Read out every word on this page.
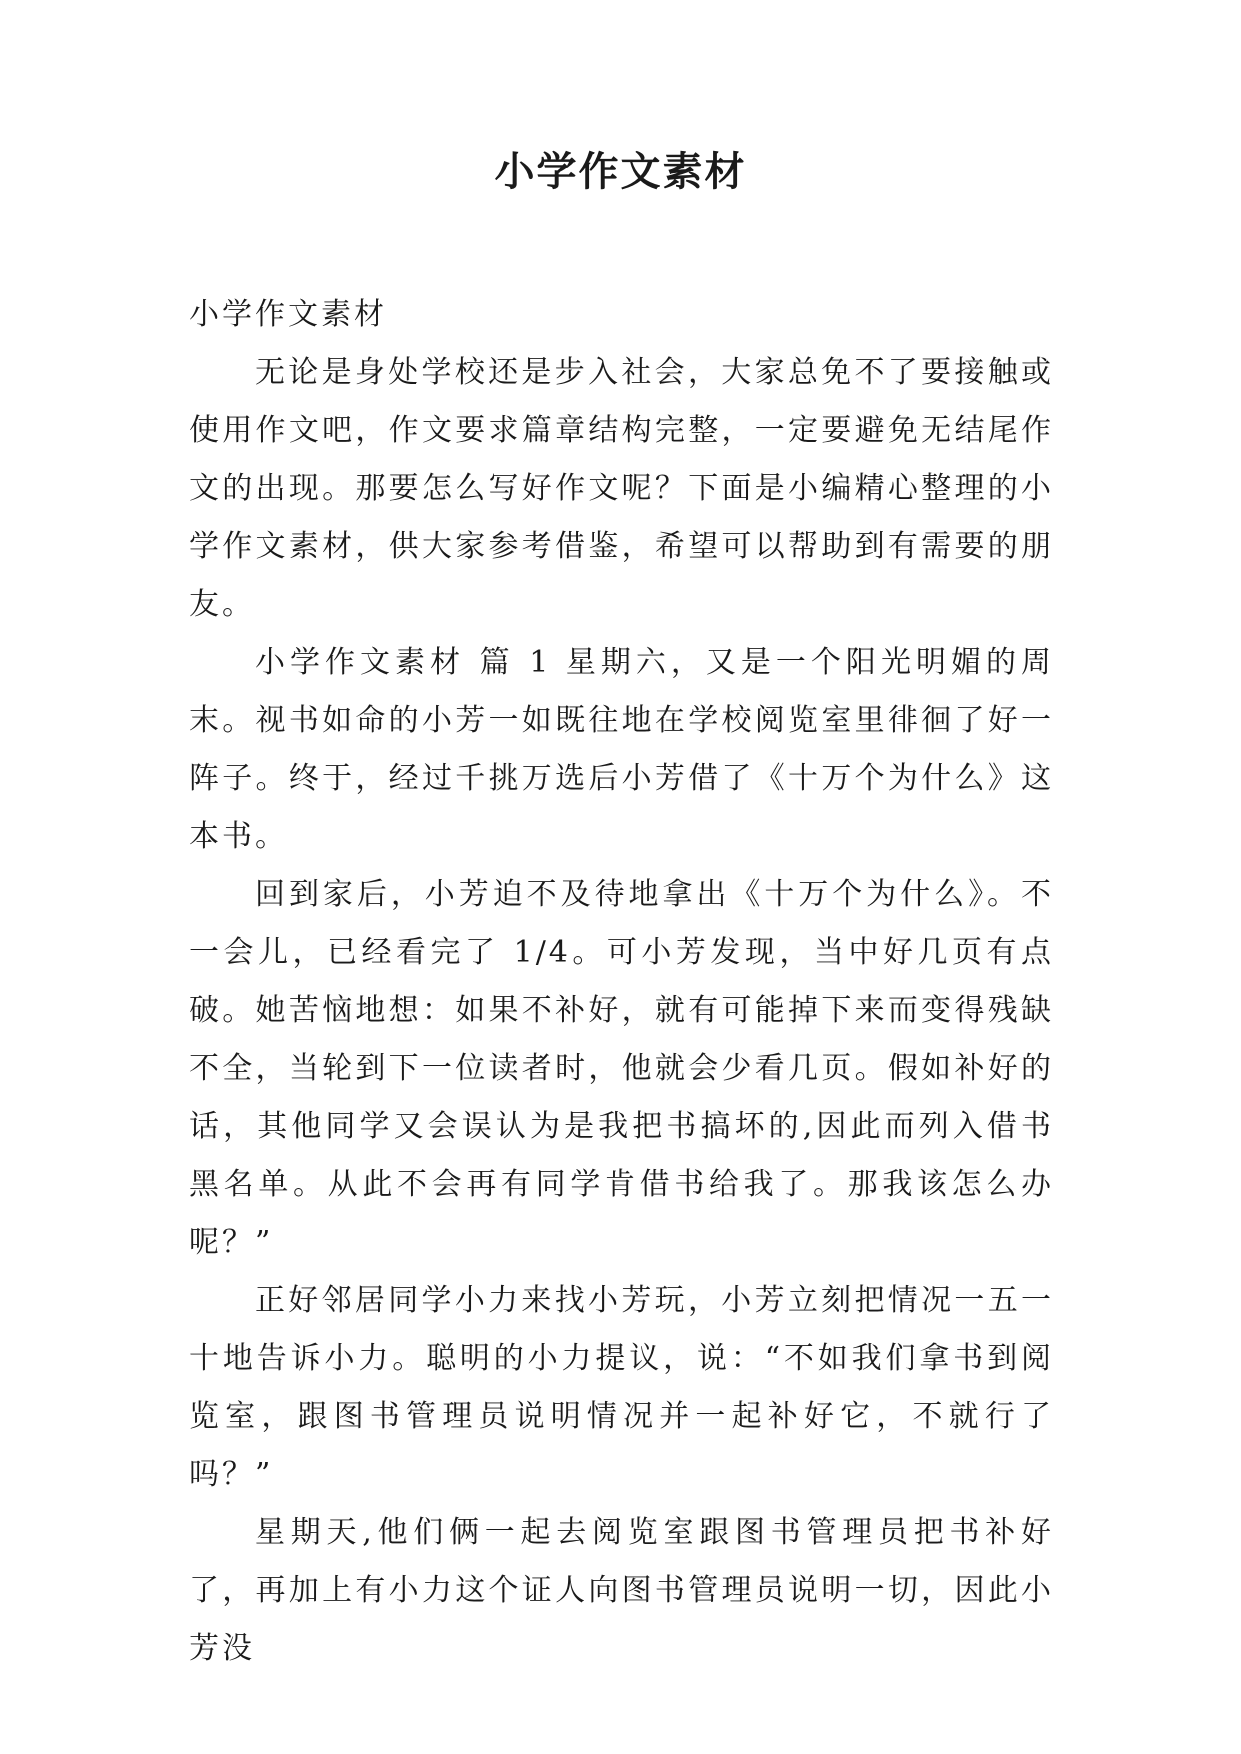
小学作文素材

小学作文素材

无论是身处学校还是步入社会，大家总免不了要接触或使用作文吧，作文要求篇章结构完整，一定要避免无结尾作文的出现。那要怎么写好作文呢？下面是小编精心整理的小学作文素材，供大家参考借鉴，希望可以帮助到有需要的朋友。

小学作文素材 篇 1 星期六，又是一个阳光明媚的周末。视书如命的小芳一如既往地在学校阅览室里徘徊了好一阵子。终于，经过千挑万选后小芳借了《十万个为什么》这本书。

回到家后，小芳迫不及待地拿出《十万个为什么》。不一会儿，已经看完了 1/4。可小芳发现，当中好几页有点破。她苦恼地想：如果不补好，就有可能掉下来而变得残缺不全，当轮到下一位读者时，他就会少看几页。假如补好的话，其他同学又会误认为是我把书搞坏的,因此而列入借书黑名单。从此不会再有同学肯借书给我了。那我该怎么办呢？”

正好邻居同学小力来找小芳玩，小芳立刻把情况一五一十地告诉小力。聪明的小力提议，说：“不如我们拿书到阅览室，跟图书管理员说明情况并一起补好它，不就行了吗？”

星期天,他们俩一起去阅览室跟图书管理员把书补好了，再加上有小力这个证人向图书管理员说明一切，因此小芳没
